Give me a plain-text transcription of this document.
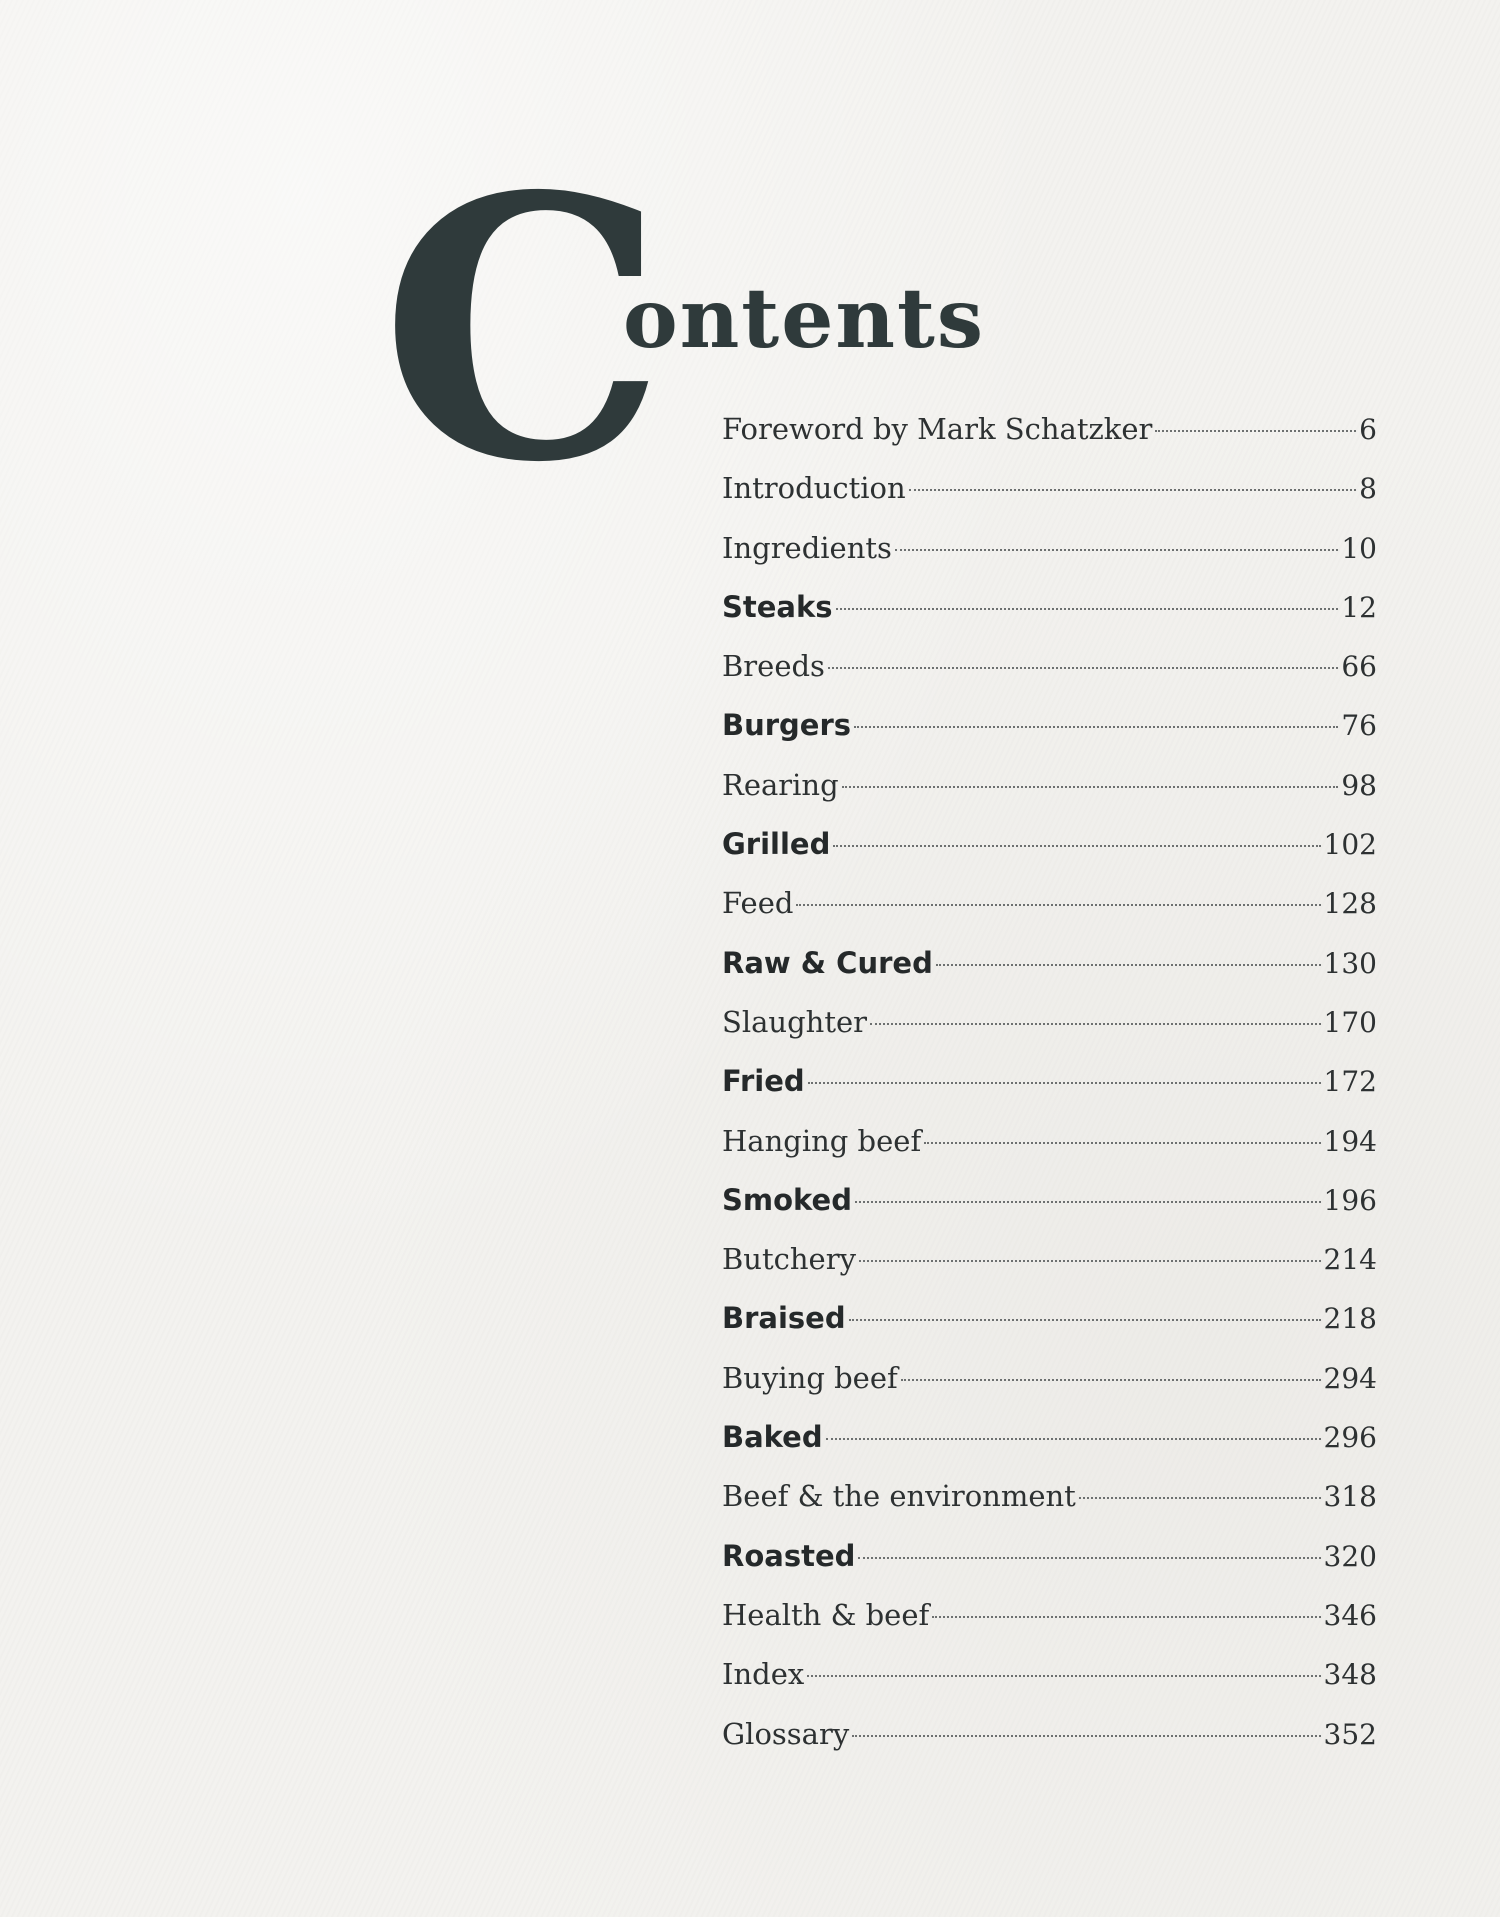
C
ontents
Foreword by Mark Schatzker	6
Introduction	8
Ingredients	10
Steaks	12
Breeds	66
Burgers	76
Rearing	98
Grilled	102
Feed	128
Raw & Cured	130
Slaughter	170
Fried	172
Hanging beef	194
Smoked	196
Butchery	214
Braised	218
Buying beef	294
Baked	296
Beef & the environment	318
Roasted	320
Health & beef	346
Index	348
Glossary	352
